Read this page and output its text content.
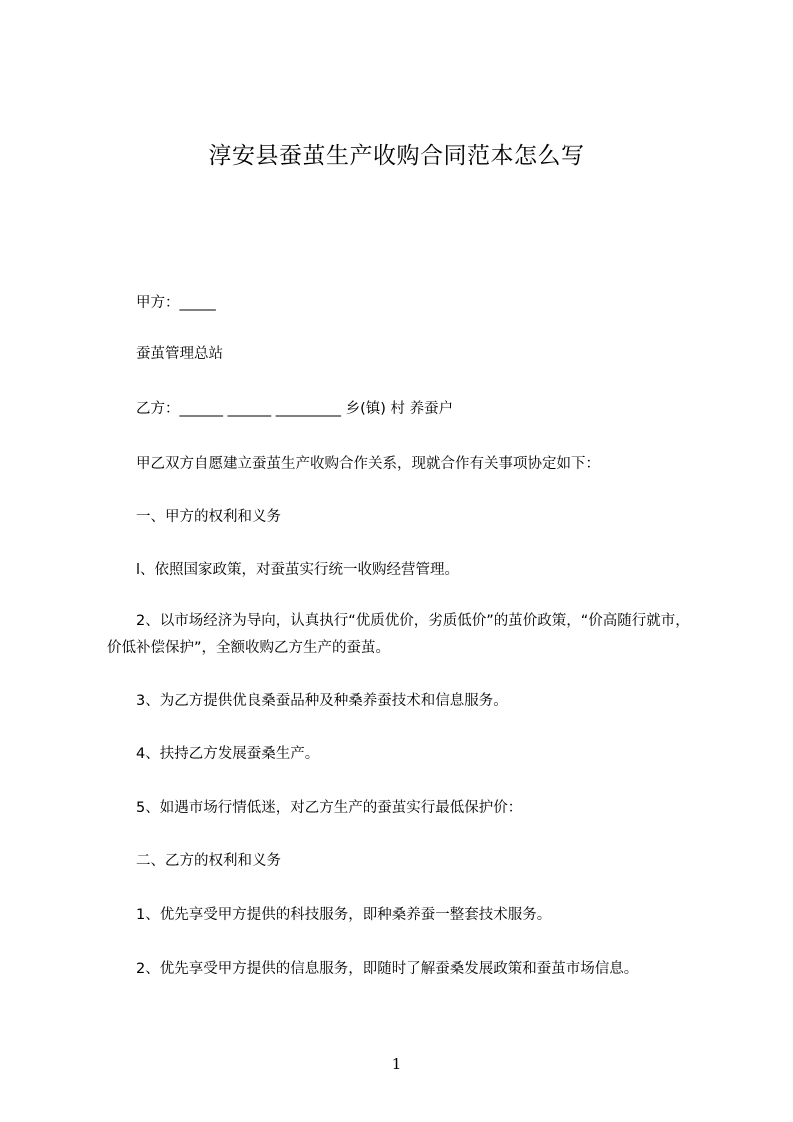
淳安县蚕茧生产收购合同范本怎么写
甲方：_____
蚕茧管理总站
乙方：______ ______ _________ 乡(镇) 村 养蚕户
甲乙双方自愿建立蚕茧生产收购合作关系，现就合作有关事项协定如下：
一、甲方的权利和义务
l、依照国家政策，对蚕茧实行统一收购经营管理。
2、以市场经济为导向，认真执行“优质优价，劣质低价”的茧价政策，“价高随行就市，价低补偿保护”，全额收购乙方生产的蚕茧。
3、为乙方提供优良桑蚕品种及种桑养蚕技术和信息服务。
4、扶持乙方发展蚕桑生产。
5、如遇市场行情低迷，对乙方生产的蚕茧实行最低保护价：
二、乙方的权利和义务
1、优先享受甲方提供的科技服务，即种桑养蚕一整套技术服务。
2、优先享受甲方提供的信息服务，即随时了解蚕桑发展政策和蚕茧市场信息。
1
